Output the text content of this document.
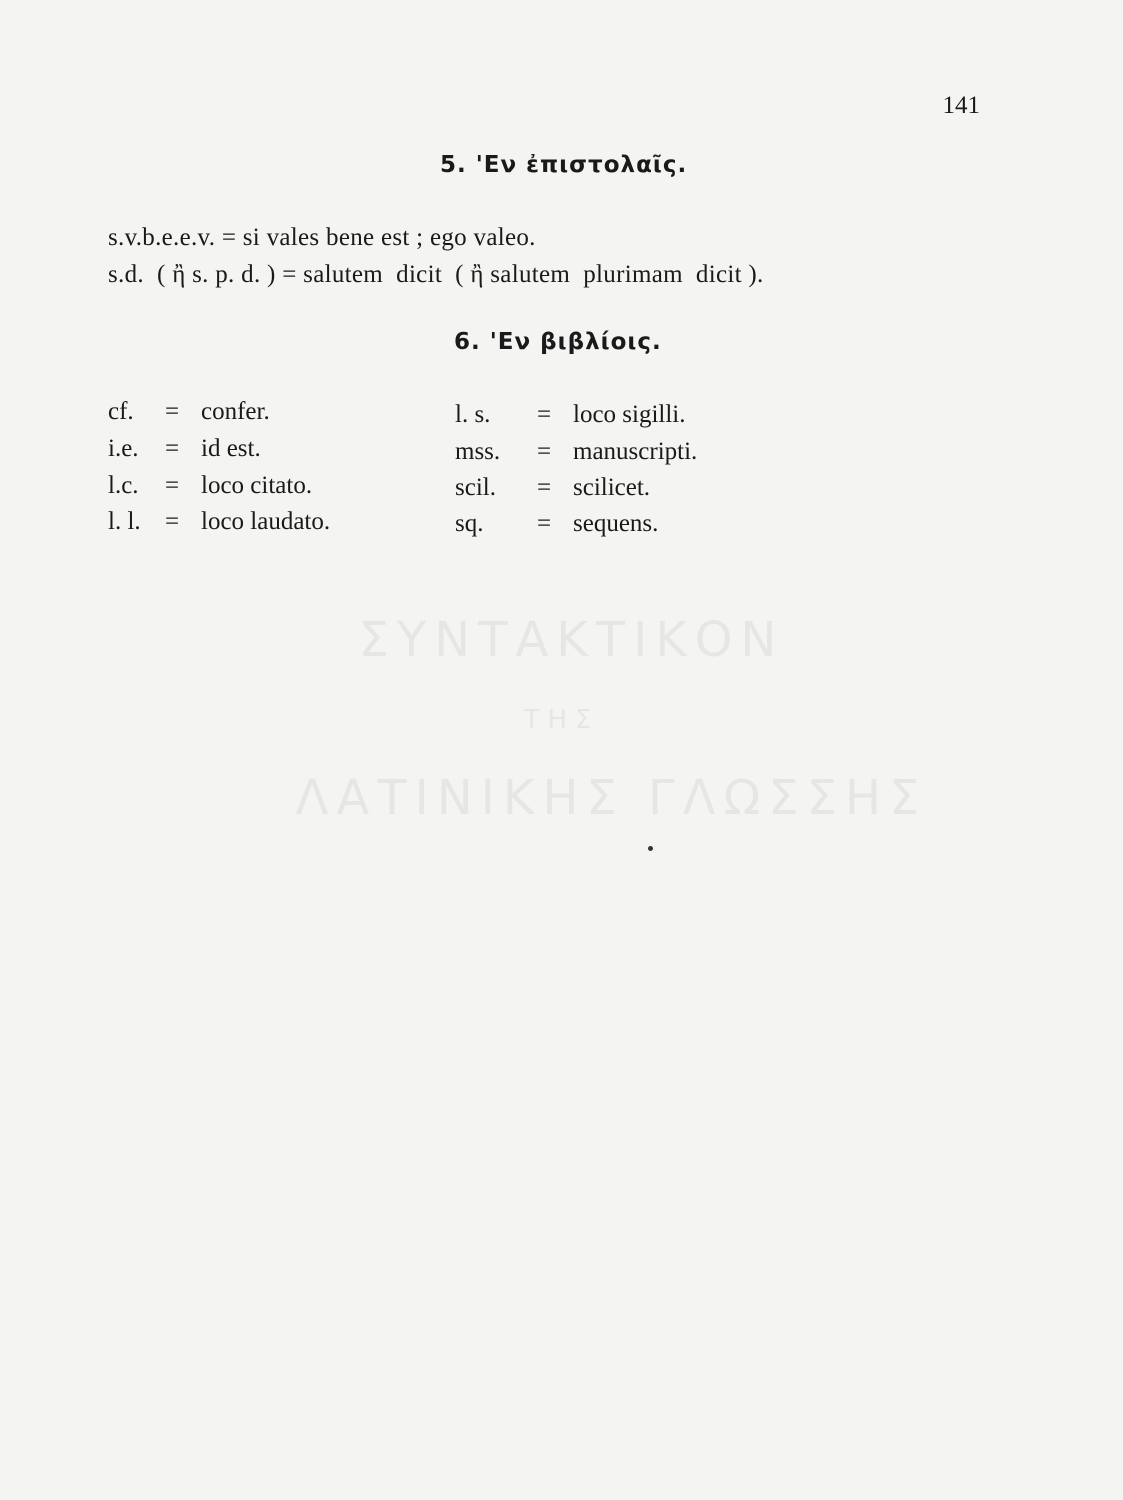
141
5. 'Εν ἐπιστολαῖς.
s.v.b.e.e.v. = si vales bene est ; ego valeo.
s.d.  ( ἢ s. p. d. ) = salutem  dicit  ( ἢ salutem  plurimam  dicit ).
6. 'Εν βιβλίοις.
cf. = confer.
i.e. = id est.
l.c. = loco citato.
l. l. = loco laudato.
l. s. = loco sigilli.
mss. = manuscripti.
scil. = scilicet.
sq. = sequens.
ΣΥΝΤΑΚΤΙΚΟΝ
ΤΗΣ
ΛΑΤΙΝΙΚΗΣ ΓΛΩΣΣΗΣ
